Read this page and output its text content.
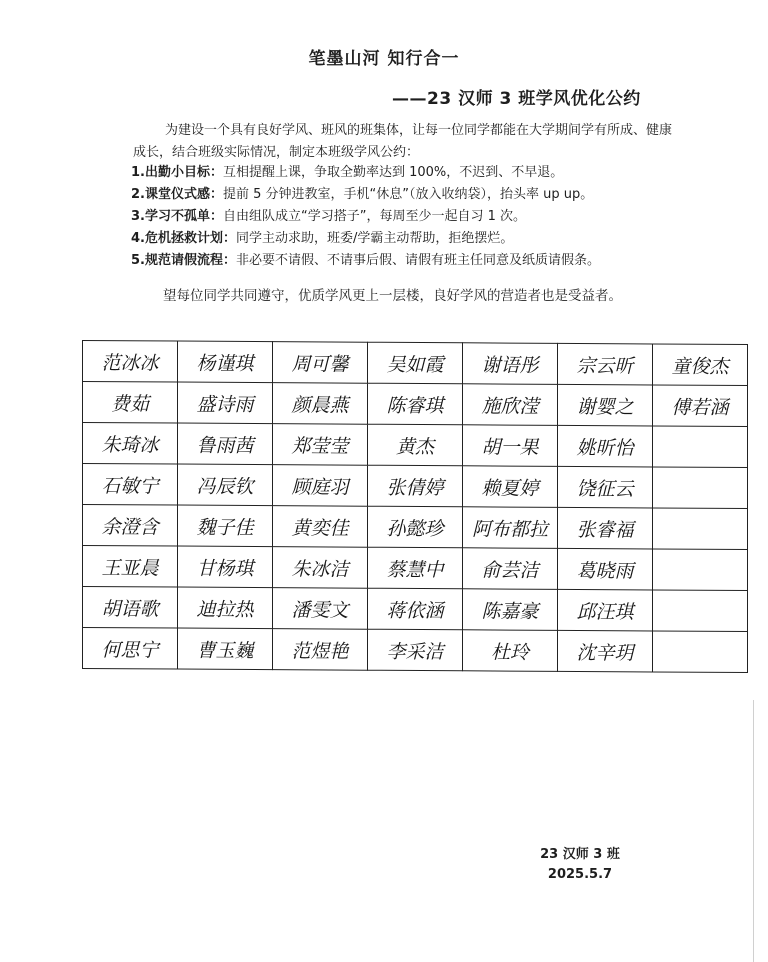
笔墨山河 知行合一
——23 汉师 3 班学风优化公约
为建设一个具有良好学风、班风的班集体，让每一位同学都能在大学期间学有所成、健康成长，结合班级实际情况，制定本班级学风公约：
1.出勤小目标：互相提醒上课，争取全勤率达到 100%，不迟到、不早退。
2.课堂仪式感：提前 5 分钟进教室，手机“休息”（放入收纳袋），抬头率 up up。
3.学习不孤单：自由组队成立“学习搭子”，每周至少一起自习 1 次。
4.危机拯救计划：同学主动求助，班委/学霸主动帮助，拒绝摆烂。
5.规范请假流程：非必要不请假、不请事后假、请假有班主任同意及纸质请假条。
望每位同学共同遵守，优质学风更上一层楼，良好学风的营造者也是受益者。
范冰冰	杨谨琪	周可馨	吴如霞	谢语彤	宗云昕	童俊杰
费茹	盛诗雨	颜晨燕	陈睿琪	施欣滢	谢婴之	傅若涵
朱琦冰	鲁雨茜	郑莹莹	黄杰	胡一果	姚昕怡	
石敏宁	冯辰钦	顾庭羽	张倩婷	赖夏婷	饶征云	
余澄含	魏子佳	黄奕佳	孙懿珍	阿布都拉	张睿福	
王亚晨	甘杨琪	朱冰洁	蔡慧中	俞芸洁	葛晓雨	
胡语歌	迪拉热	潘雯文	蒋依涵	陈嘉豪	邱汪琪	
何思宁	曹玉巍	范煜艳	李采洁	杜玲	沈辛玥	
23 汉师 3 班
2025.5.7
